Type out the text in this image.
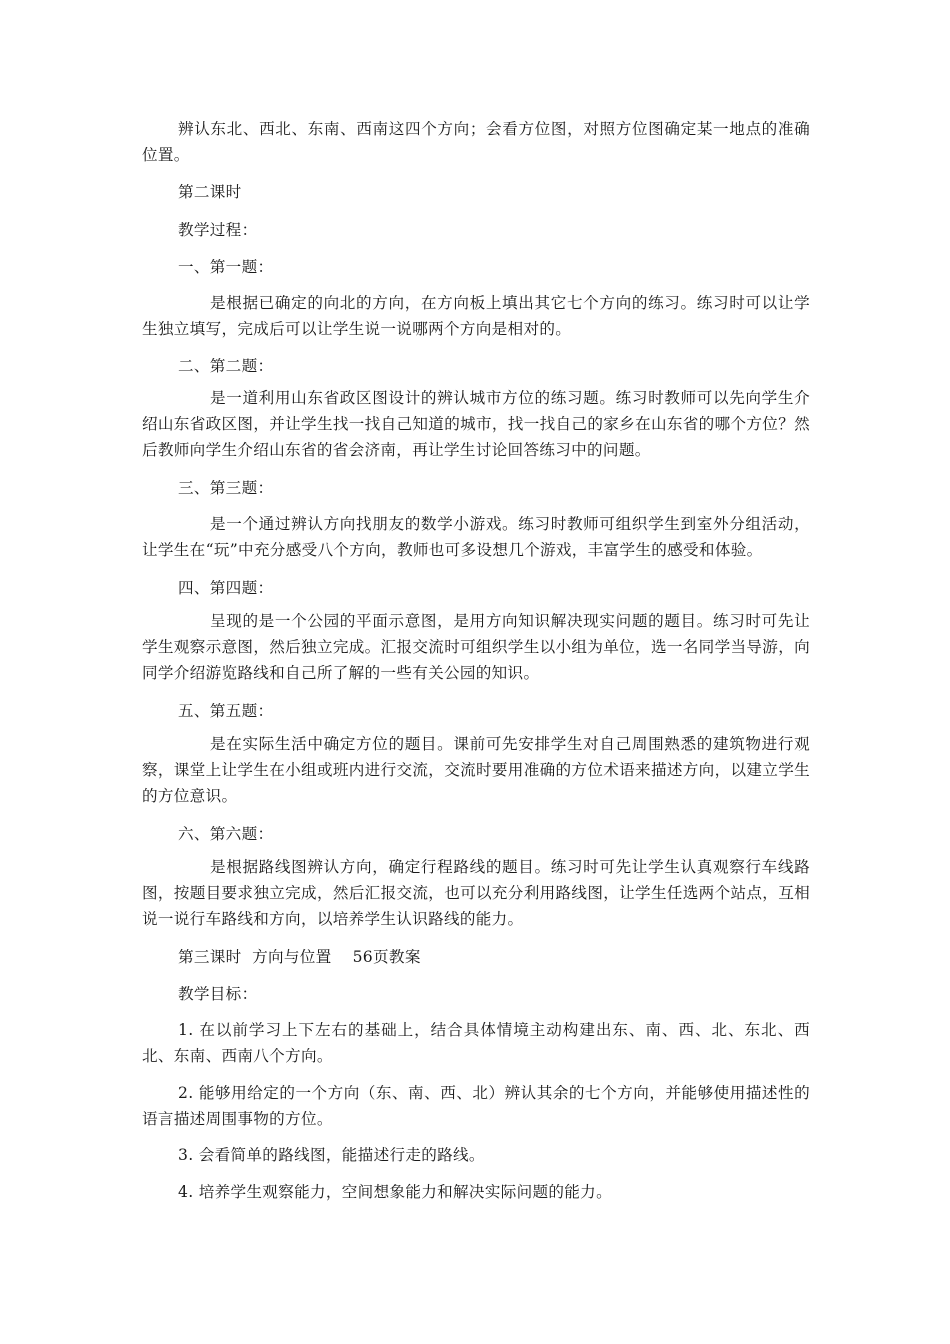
辨认东北、西北、东南、西南这四个方向；会看方位图，对照方位图确定某一地点的准确位置。

第二课时

教学过程：

一、第一题：

是根据已确定的向北的方向，在方向板上填出其它七个方向的练习。练习时可以让学生独立填写，完成后可以让学生说一说哪两个方向是相对的。

二、第二题：

是一道利用山东省政区图设计的辨认城市方位的练习题。练习时教师可以先向学生介绍山东省政区图，并让学生找一找自己知道的城市，找一找自己的家乡在山东省的哪个方位？然后教师向学生介绍山东省的省会济南，再让学生讨论回答练习中的问题。

三、第三题：

是一个通过辨认方向找朋友的数学小游戏。练习时教师可组织学生到室外分组活动，让学生在“玩”中充分感受八个方向，教师也可多设想几个游戏，丰富学生的感受和体验。

四、第四题：

呈现的是一个公园的平面示意图，是用方向知识解决现实问题的题目。练习时可先让学生观察示意图，然后独立完成。汇报交流时可组织学生以小组为单位，选一名同学当导游，向同学介绍游览路线和自己所了解的一些有关公园的知识。

五、第五题：

是在实际生活中确定方位的题目。课前可先安排学生对自己周围熟悉的建筑物进行观察，课堂上让学生在小组或班内进行交流，交流时要用准确的方位术语来描述方向，以建立学生的方位意识。

六、第六题：

是根据路线图辨认方向，确定行程路线的题目。练习时可先让学生认真观察行车线路图，按题目要求独立完成，然后汇报交流，也可以充分利用路线图，让学生任选两个站点，互相说一说行车路线和方向，以培养学生认识路线的能力。

第三课时  方向与位置    56页教案

教学目标：

1. 在以前学习上下左右的基础上，结合具体情境主动构建出东、南、西、北、东北、西北、东南、西南八个方向。

2. 能够用给定的一个方向（东、南、西、北）辨认其余的七个方向，并能够使用描述性的语言描述周围事物的方位。

3. 会看简单的路线图，能描述行走的路线。

4. 培养学生观察能力，空间想象能力和解决实际问题的能力。
